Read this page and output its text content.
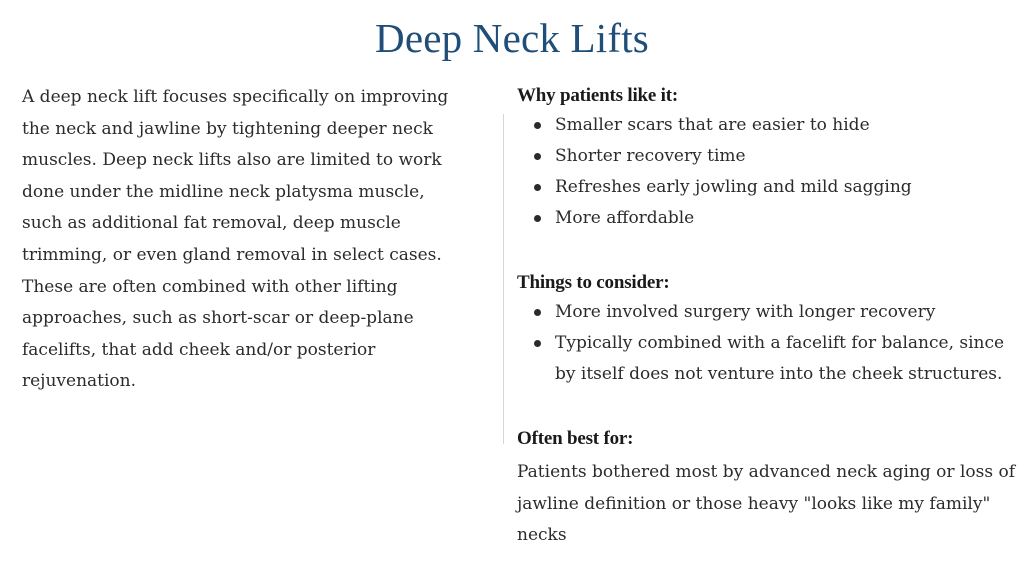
Deep Neck Lifts

A deep neck lift focuses specifically on improving the neck and jawline by tightening deeper neck muscles. Deep neck lifts also are limited to work done under the midline neck platysma muscle, such as additional fat removal, deep muscle trimming, or even gland removal in select cases. These are often combined with other lifting approaches, such as short-scar or deep-plane facelifts, that add cheek and/or posterior rejuvenation.

Why patients like it:
Smaller scars that are easier to hide
Shorter recovery time
Refreshes early jowling and mild sagging
More affordable
Things to consider:
More involved surgery with longer recovery
Typically combined with a facelift for balance, since by itself does not venture into the cheek structures.
Often best for:

Patients bothered most by advanced neck aging or loss of jawline definition or those heavy "looks like my family" necks
